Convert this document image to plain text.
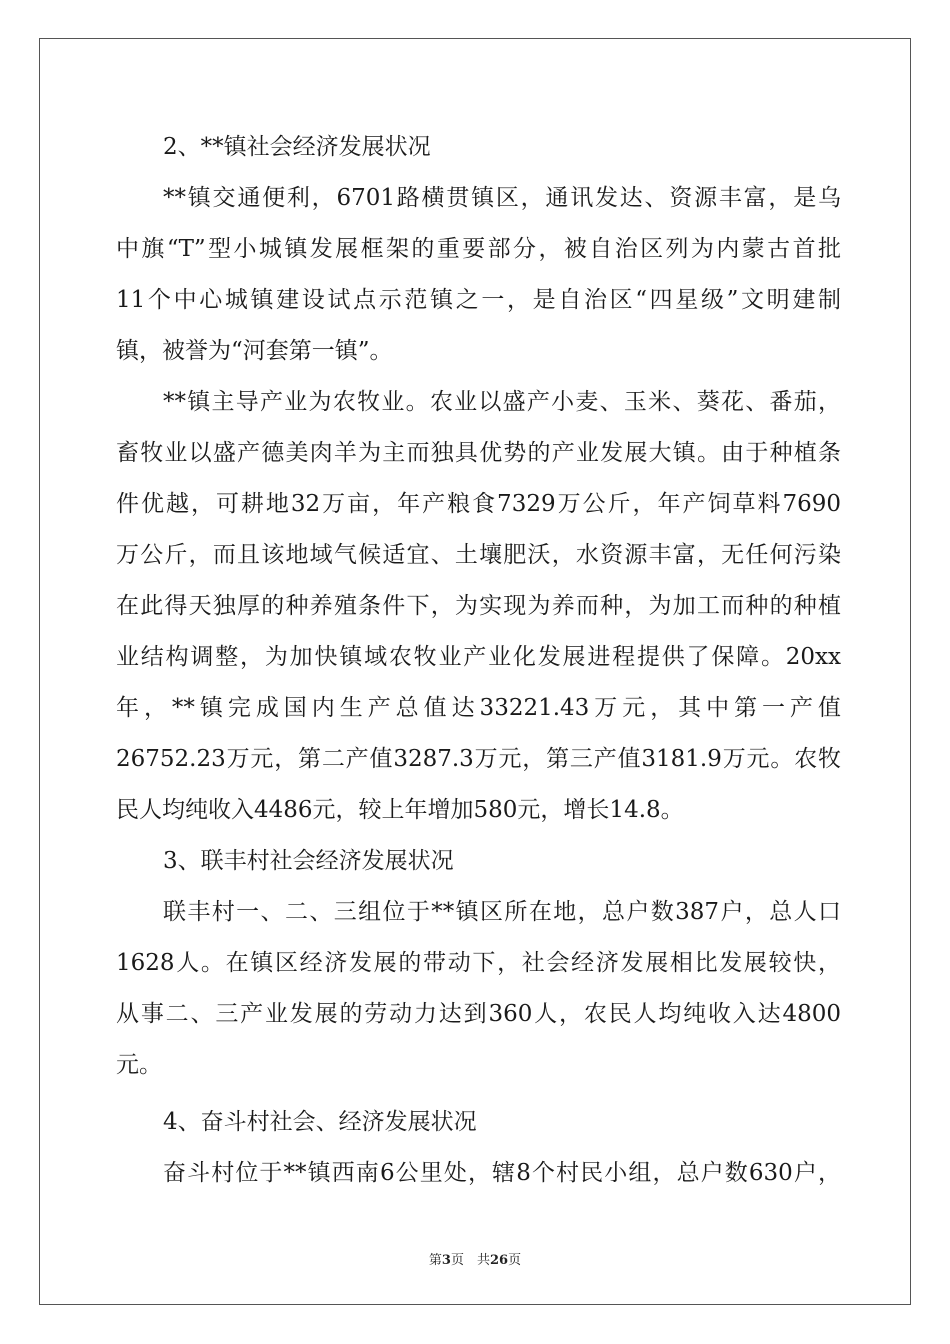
2、**镇社会经济发展状况
**镇交通便利，6701路横贯镇区，通讯发达、资源丰富，是乌
中旗“T”型小城镇发展框架的重要部分，被自治区列为内蒙古首批
11个中心城镇建设试点示范镇之一，是自治区“四星级”文明建制
镇，被誉为“河套第一镇”。
**镇主导产业为农牧业。农业以盛产小麦、玉米、葵花、番茄，
畜牧业以盛产德美肉羊为主而独具优势的产业发展大镇。由于种植条
件优越，可耕地32万亩，年产粮食7329万公斤，年产饲草料7690
万公斤，而且该地域气候适宜、土壤肥沃，水资源丰富，无任何污染
在此得天独厚的种养殖条件下，为实现为养而种，为加工而种的种植
业结构调整，为加快镇域农牧业产业化发展进程提供了保障。20xx
年，**镇完成国内生产总值达33221.43万元，其中第一产值
26752.23万元，第二产值3287.3万元，第三产值3181.9万元。农牧
民人均纯收入4486元，较上年增加580元，增长14.8。
3、联丰村社会经济发展状况
联丰村一、二、三组位于**镇区所在地，总户数387户，总人口
1628人。在镇区经济发展的带动下，社会经济发展相比发展较快，
从事二、三产业发展的劳动力达到360人，农民人均纯收入达4800
元。
4、奋斗村社会、经济发展状况
奋斗村位于**镇西南6公里处，辖8个村民小组，总户数630户，
第3页　共26页
